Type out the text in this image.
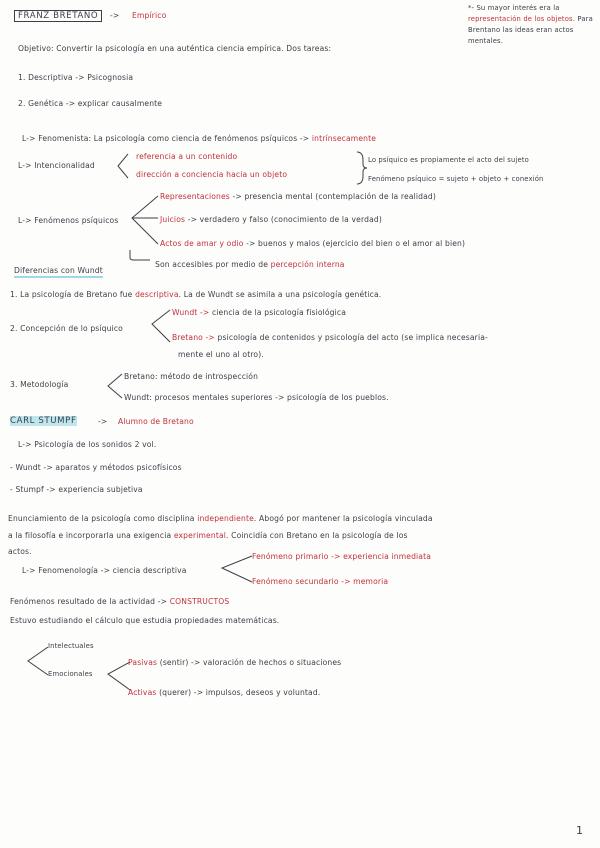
FRANZ BRETANO	-> Empírico
*- Su mayor interés era la representación de los objetos. Para Brentano las ideas eran actos mentales.
Objetivo: Convertir la psicología en una auténtica ciencia empírica. Dos tareas:
1. Descriptiva -> Psicognosia
2. Genética -> explicar causalmente
L-> Fenomenista: La psicología como ciencia de fenómenos psíquicos -> intrínsecamente
L-> Intencionalidad
referencia a un contenido
dirección a conciencia hacia un objeto
Lo psíquico es propiamente el acto del sujeto
Fenómeno psíquico = sujeto + objeto + conexión
L-> Fenómenos psíquicos
Representaciones -> presencia mental (contemplación de la realidad)
Juicios -> verdadero y falso (conocimiento de la verdad)
Actos de amar y odio -> buenos y malos (ejercicio del bien o el amor al bien)
Son accesibles por medio de percepción interna
Diferencias con Wundt
1. La psicología de Bretano fue descriptiva. La de Wundt se asimila a una psicología genética.
2. Concepción de lo psíquico
Wundt -> ciencia de la psicología fisiológica
Bretano -> psicología de contenidos y psicología del acto (se implica necesaria-
mente el uno al otro).
3. Metodología
Bretano: método de introspección
Wundt: procesos mentales superiores -> psicología de los pueblos.
CARL STUMPF	-> Alumno de Bretano
L-> Psicología de los sonidos 2 vol.
- Wundt -> aparatos y métodos psicofísicos
- Stumpf -> experiencia subjetiva
Enunciamiento de la psicología como disciplina independiente. Abogó por mantener la psicología vinculada
a la filosofía e incorporarla una exigencia experimental. Coincidía con Bretano en la psicología de los
actos.
L-> Fenomenología -> ciencia descriptiva
Fenómeno primario -> experiencia inmediata
Fenómeno secundario -> memoria
Fenómenos resultado de la actividad -> CONSTRUCTOS
Estuvo estudiando el cálculo que estudia propiedades matemáticas.
Intelectuales
Emocionales
Pasivas (sentir) -> valoración de hechos o situaciones
Activas (querer) -> impulsos, deseos y voluntad.
1
